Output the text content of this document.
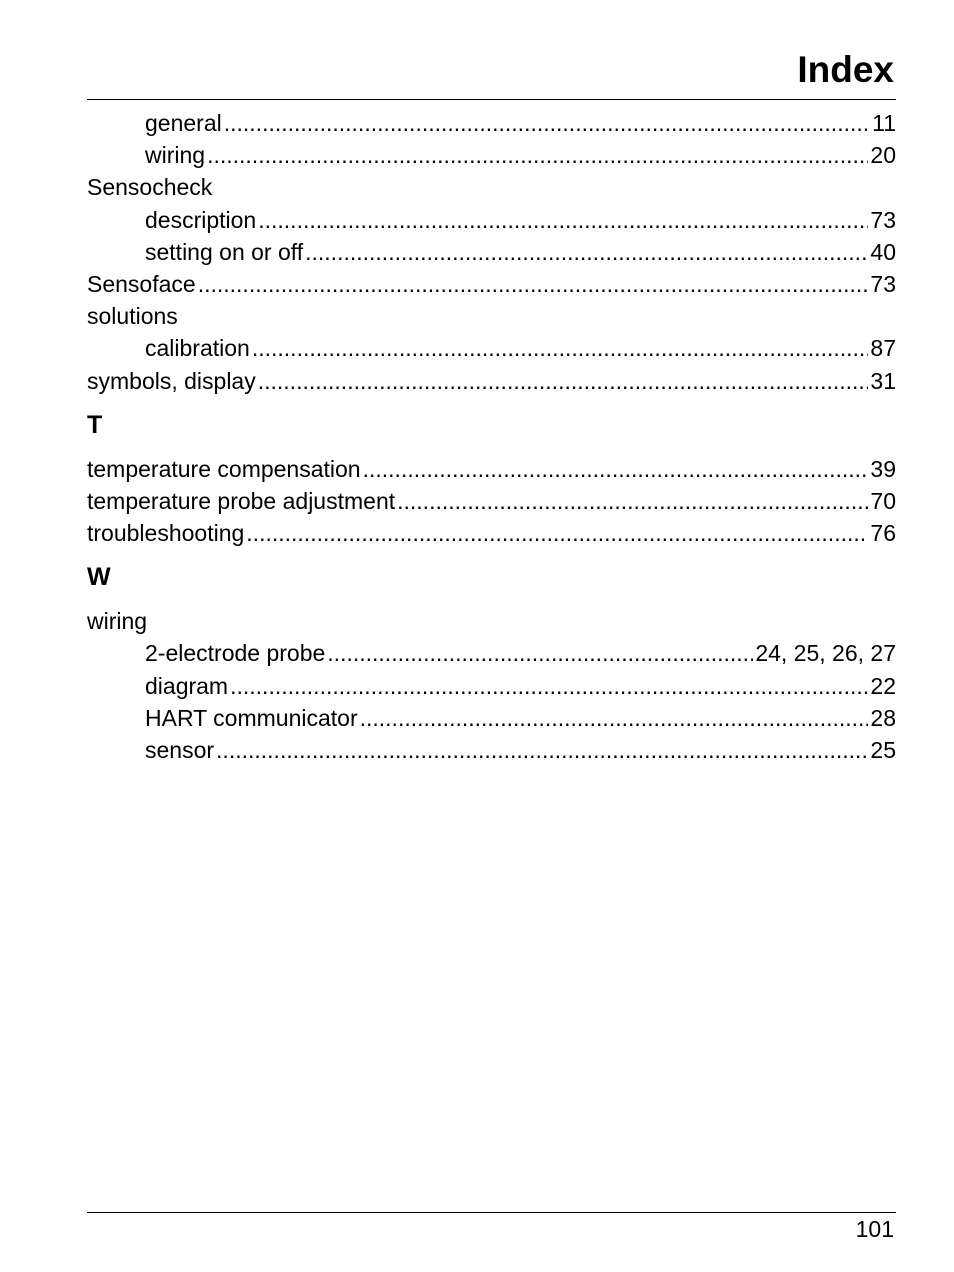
Index
general .....	11
wiring .....	20
Sensocheck
description .....	73
setting on or off .....	40
Sensoface .....	73
solutions
calibration .....	87
symbols, display .....	31
T
temperature compensation .....	39
temperature probe adjustment .....	70
troubleshooting .....	76
W
wiring
2-electrode probe .....	24, 25, 26, 27
diagram .....	22
HART communicator .....	28
sensor .....	25
101
